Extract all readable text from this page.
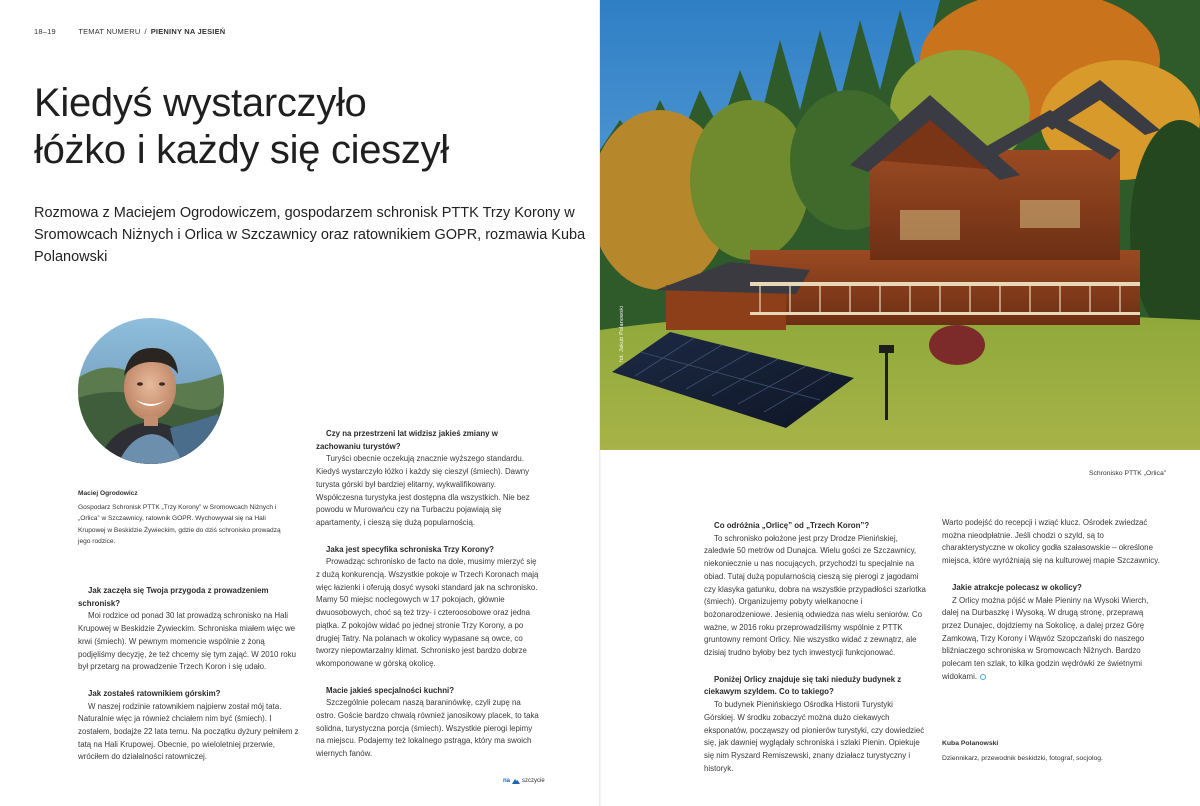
18–19	TEMAT NUMERU / PIENINY NA JESIEŃ
Kiedyś wystarczyło
łóżko i każdy się cieszył

Rozmowa z Maciejem Ogrodowiczem, gospodarzem schronisk PTTK Trzy Korony w Sromowcach Niżnych i Orlica w Szczawnicy oraz ratownikiem GOPR, rozmawia Kuba Polanowski

Maciej Ogrodowicz
Gospodarz Schronisk PTTK „Trzy Korony” w Sromowcach Niżnych i „Orlica” w Szczawnicy, ratownik GOPR. Wychowywał się na Hali Krupowej w Beskidzie Żywieckim, gdzie do dziś schronisko prowadzą jego rodzice.

Jak zaczęła się Twoja przygoda z prowadzeniem schronisk?

Moi rodzice od ponad 30 lat prowadzą schronisko na Hali Krupowej w Beskidzie Żywieckim. Schroniska miałem więc we krwi (śmiech). W pewnym momencie wspólnie z żoną podjęliśmy decyzję, że też chcemy się tym zająć. W 2010 roku był przetarg na prowadzenie Trzech Koron i się udało.

Jak zostałeś ratownikiem górskim?

W naszej rodzinie ratownikiem najpierw został mój tata. Naturalnie więc ja również chciałem nim być (śmiech). I zostałem, bodajże 22 lata temu. Na początku dyżury pełniłem z tatą na Hali Krupowej. Obecnie, po wieloletniej przerwie, wróciłem do działalności ratowniczej.

Czy na przestrzeni lat widzisz jakieś zmiany w zachowaniu turystów?

Turyści obecnie oczekują znacznie wyższego standardu. Kiedyś wystarczyło łóżko i każdy się cieszył (śmiech). Dawny turysta górski był bardziej elitarny, wykwalifikowany. Współczesna turystyka jest dostępna dla wszystkich. Nie bez powodu w Murowańcu czy na Turbaczu pojawiają się apartamenty, i cieszą się dużą popularnością.

Jaka jest specyfika schroniska Trzy Korony?

Prowadząc schronisko de facto na dole, musimy mierzyć się z dużą konkurencją. Wszystkie pokoje w Trzech Koronach mają więc łazienki i oferują dosyć wysoki standard jak na schronisko. Mamy 50 miejsc noclegowych w 17 pokojach, głównie dwuosobowych, choć są też trzy- i czteroosobowe oraz jedna piątka. Z pokojów widać po jednej stronie Trzy Korony, a po drugiej Tatry. Na polanach w okolicy wypasane są owce, co tworzy niepowtarzalny klimat. Schronisko jest bardzo dobrze wkomponowane w górską okolicę.

Macie jakieś specjalności kuchni?

Szczególnie polecam naszą baraninówkę, czyli zupę na ostro. Goście bardzo chwalą również janosikowy placek, to taka solidna, turystyczna porcja (śmiech). Wszystkie pierogi lepimy na miejscu. Podajemy też lokalnego pstrąga, który ma swoich wiernych fanów.

na szczycie
fot. Jakub Polanowski
Schronisko PTTK „Orlica”

Co odróżnia „Orlicę” od „Trzech Koron”?

To schronisko położone jest przy Drodze Pienińskiej, zaledwie 50 metrów od Dunajca. Wielu gości ze Szczawnicy, niekoniecznie u nas nocujących, przychodzi tu specjalnie na obiad. Tutaj dużą popularnością cieszą się pierogi z jagodami czy klasyka gatunku, dobra na wszystkie przypadłości szarlotka (śmiech). Organizujemy pobyty wielkanocne i bożonarodzeniowe. Jesienią odwiedza nas wielu seniorów. Co ważne, w 2016 roku przeprowadziliśmy wspólnie z PTTK gruntowny remont Orlicy. Nie wszystko widać z zewnątrz, ale dzisiaj trudno byłoby bez tych inwestycji funkcjonować.

Poniżej Orlicy znajduje się taki niedużу budynek z ciekawym szyldem. Co to takiego?

To budynek Pienińskiego Ośrodka Historii Turystyki Górskiej. W środku zobaczyć można dużo ciekawych eksponatów, począwszy od pionierów turystyki, czy dowiedzieć się, jak dawniej wyglądały schroniska i szlaki Pienin. Opiekuje się nim Ryszard Remiszewski, znany działacz turystyczny i historyk.

Warto podejść do recepcji i wziąć klucz. Ośrodek zwiedzać można nieodpłatnie. Jeśli chodzi o szyld, są to charakterystyczne w okolicy godła szałasowskie – określone miejsca, które wyróżniają się na kulturowej mapie Szczawnicy.

Jakie atrakcje polecasz w okolicy?

Z Orlicy można pójść w Małe Pieniny na Wysoki Wierch, dalej na Durbaszkę i Wysoką. W drugą stronę, przeprawą przez Dunajec, dojdziemy na Sokolicę, a dalej przez Górę Zamkową, Trzy Korony i Wąwóz Szopczański do naszego bliźniaczego schroniska w Sromowcach Niżnych. Bardzo polecam ten szlak, to kilka godzin wędrówki ze świetnymi widokami.

Kuba Polanowski
Dziennikarz, przewodnik beskidzki, fotograf, socjolog.
